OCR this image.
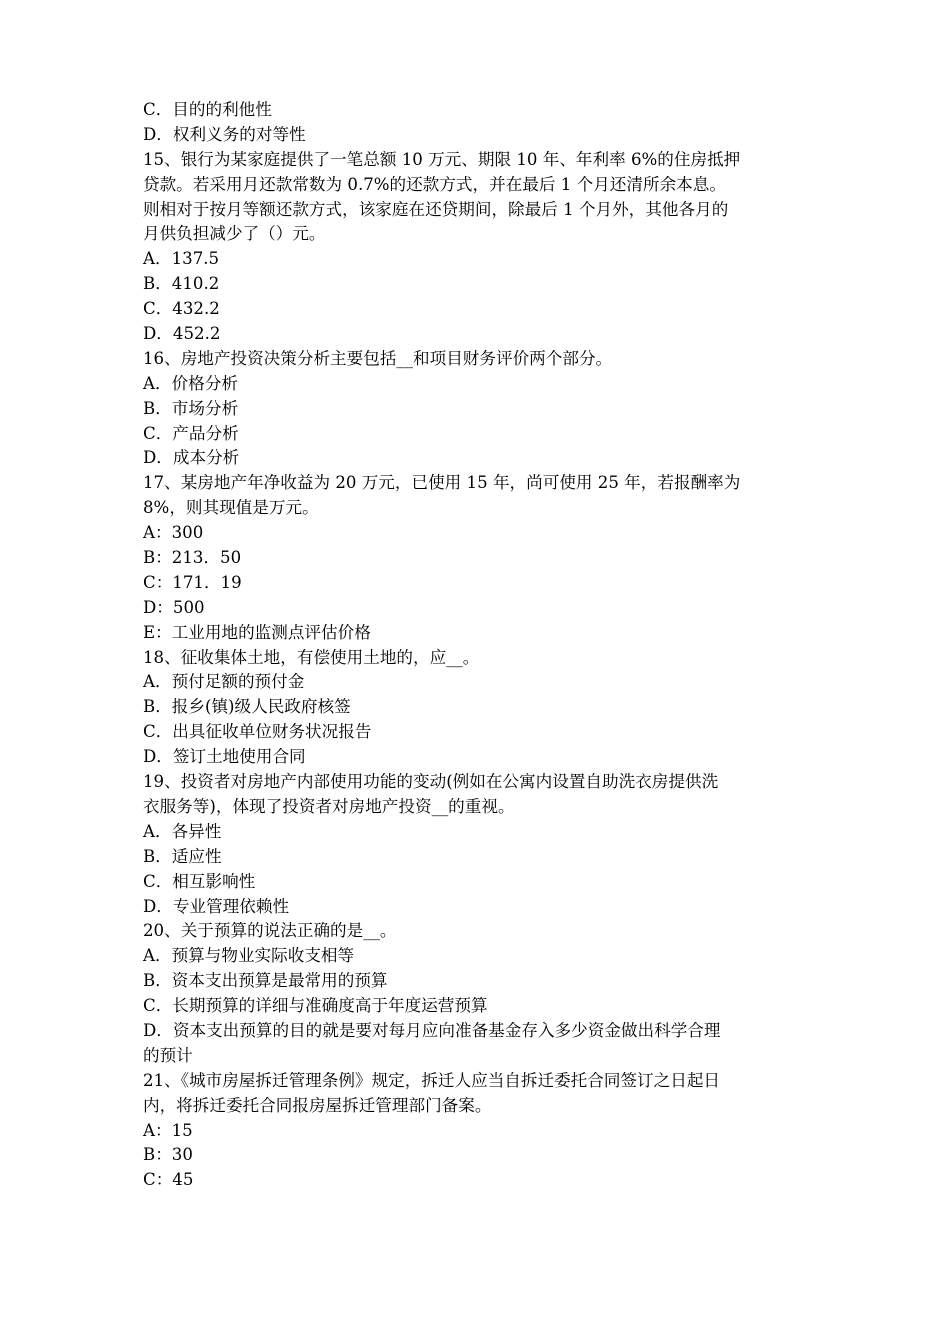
C．目的的利他性
D．权利义务的对等性
15、银行为某家庭提供了一笔总额 10 万元、期限 10 年、年利率 6%的住房抵押
贷款。若采用月还款常数为 0.7%的还款方式，并在最后 1 个月还清所余本息。
则相对于按月等额还款方式，该家庭在还贷期间，除最后 1 个月外，其他各月的
月供负担减少了（）元。
A．137.5
B．410.2
C．432.2
D．452.2
16、房地产投资决策分析主要包括__和项目财务评价两个部分。
A．价格分析
B．市场分析
C．产品分析
D．成本分析
17、某房地产年净收益为 20 万元，已使用 15 年，尚可使用 25 年，若报酬率为
8%，则其现值是万元。
A：300
B：213．50
C：171．19
D：500
E：工业用地的监测点评估价格
18、征收集体土地，有偿使用土地的，应__。
A．预付足额的预付金
B．报乡(镇)级人民政府核签
C．出具征收单位财务状况报告
D．签订土地使用合同
19、投资者对房地产内部使用功能的变动(例如在公寓内设置自助洗衣房提供洗
衣服务等)，体现了投资者对房地产投资__的重视。
A．各异性
B．适应性
C．相互影响性
D．专业管理依赖性
20、关于预算的说法正确的是__。
A．预算与物业实际收支相等
B．资本支出预算是最常用的预算
C．长期预算的详细与准确度高于年度运营预算
D．资本支出预算的目的就是要对每月应向准备基金存入多少资金做出科学合理
的预计
21、《城市房屋拆迁管理条例》规定，拆迁人应当自拆迁委托合同签订之日起日
内，将拆迁委托合同报房屋拆迁管理部门备案。
A：15
B：30
C：45
